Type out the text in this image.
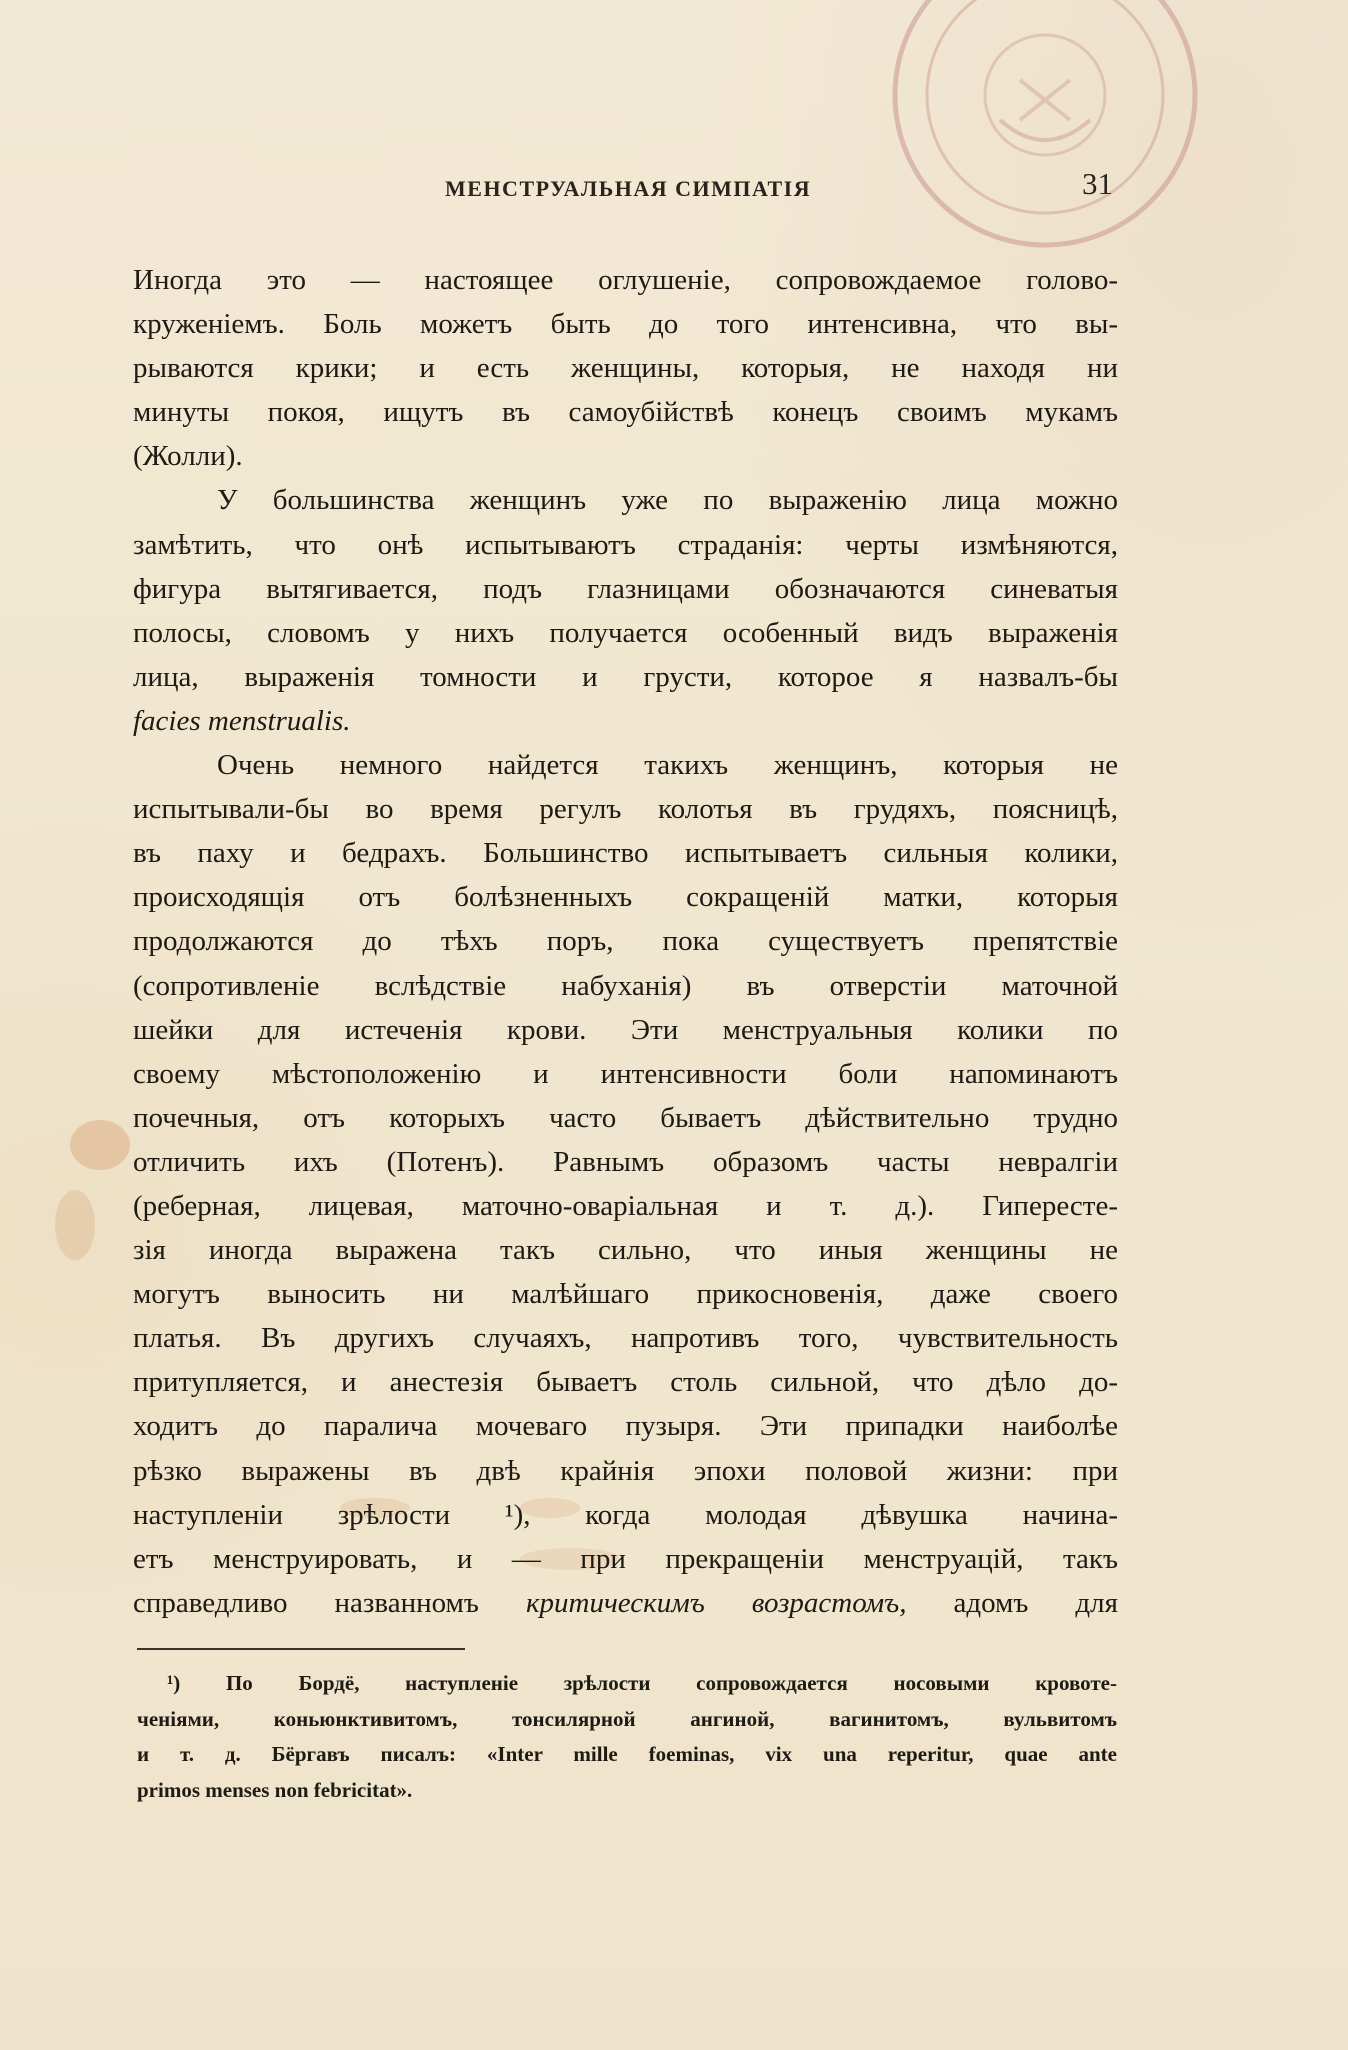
МЕНСТРУАЛЬНАЯ СИМПАТІЯ	31
Иногда это — настоящее оглушеніе, сопровождаемое голово-
круженіемъ. Боль можетъ быть до того интенсивна, что вы-
рываются крики; и есть женщины, которыя, не находя ни
минуты покоя, ищутъ въ самоубійствѣ конецъ своимъ мукамъ
(Жолли).
У большинства женщинъ уже по выраженію лица можно
замѣтить, что онѣ испытываютъ страданія: черты измѣняются,
фигура вытягивается, подъ глазницами обозначаются синеватыя
полосы, словомъ у нихъ получается особенный видъ выраженія
лица, выраженія томности и грусти, которое я назвалъ-бы
facies menstrualis.
Очень немного найдется такихъ женщинъ, которыя не
испытывали-бы во время регулъ колотья въ грудяхъ, поясницѣ,
въ паху и бедрахъ. Большинство испытываетъ сильныя колики,
происходящія отъ болѣзненныхъ сокращеній матки, которыя
продолжаются до тѣхъ поръ, пока существуетъ препятствіе
(сопротивленіе вслѣдствіе набуханія) въ отверстіи маточной
шейки для истеченія крови. Эти менструальныя колики по
своему мѣстоположенію и интенсивности боли напоминаютъ
почечныя, отъ которыхъ часто бываетъ дѣйствительно трудно
отличить ихъ (Потенъ). Равнымъ образомъ часты невралгіи
(реберная, лицевая, маточно-оваріальная и т. д.). Гипересте-
зія иногда выражена такъ сильно, что иныя женщины не
могутъ выносить ни малѣйшаго прикосновенія, даже своего
платья. Въ другихъ случаяхъ, напротивъ того, чувствительность
притупляется, и анестезія бываетъ столь сильной, что дѣло до-
ходитъ до паралича мочеваго пузыря. Эти припадки наиболѣе
рѣзко выражены въ двѣ крайнія эпохи половой жизни: при
наступленіи зрѣлости ¹), когда молодая дѣвушка начина-
етъ менструировать, и — при прекращеніи менструацій, такъ
справедливо названномъ критическимъ возрастомъ, адомъ для
¹) По Бордё, наступленіе зрѣлости сопровождается носовыми кровоте-
ченіями, коньюнктивитомъ, тонсилярной ангиной, вагинитомъ, вульвитомъ
и т. д. Бёргавъ писалъ: «Inter mille foeminas, vix una reperitur, quae ante
primos menses non febricitat».
